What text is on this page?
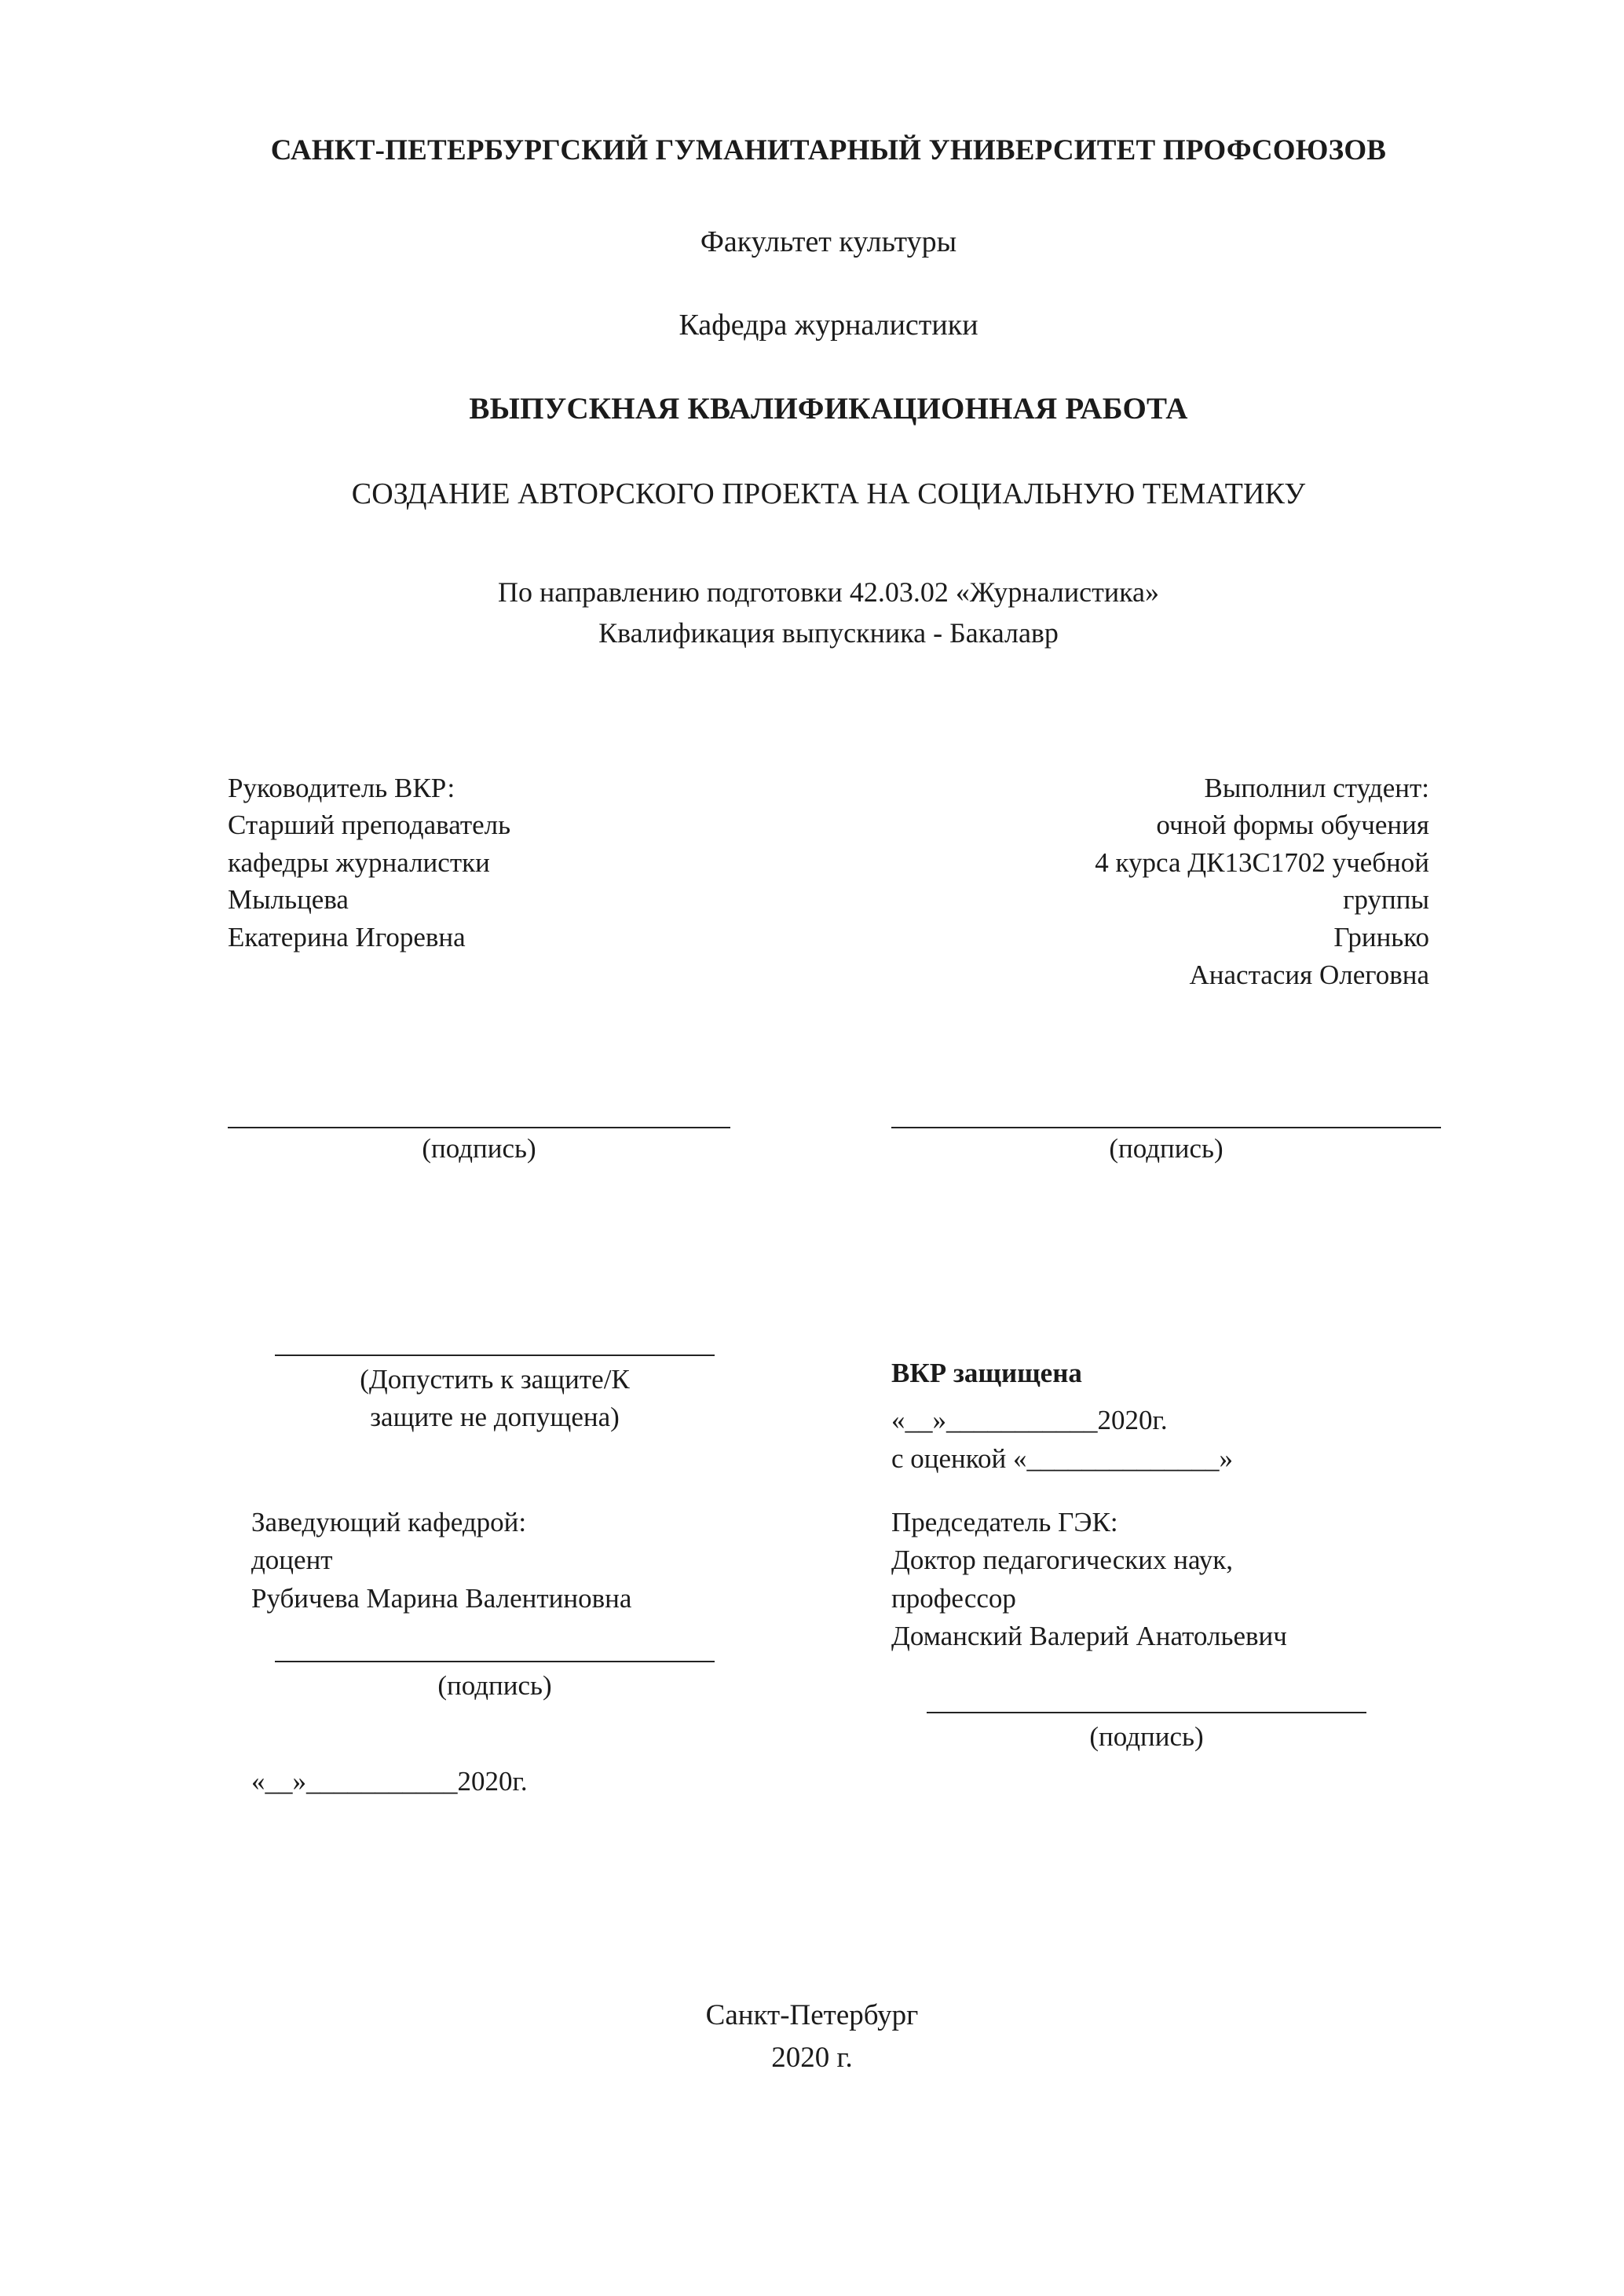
САНКТ-ПЕТЕРБУРГСКИЙ ГУМАНИТАРНЫЙ УНИВЕРСИТЕТ ПРОФСОЮЗОВ
Факультет культуры
Кафедра журналистики
ВЫПУСКНАЯ КВАЛИФИКАЦИОННАЯ РАБОТА
СОЗДАНИЕ АВТОРСКОГО ПРОЕКТА НА СОЦИАЛЬНУЮ ТЕМАТИКУ
По направлению подготовки 42.03.02 «Журналистика»
Квалификация выпускника - Бакалавр
Руководитель ВКР:
Старший преподаватель
кафедры журналистки
Мыльцева
Екатерина Игоревна
Выполнил студент:
очной формы обучения
4 курса ДК13С1702 учебной
группы
Гринько
Анастасия Олеговна
(подпись)	(подпись)
(Допустить к защите/К
защите не допущена)
Заведующий кафедрой:
доцент
Рубичева Марина Валентиновна
(подпись)
«__»___________2020г.
ВКР защищена
«__»___________2020г.
с оценкой «______________»
Председатель ГЭК:
Доктор педагогических наук,
профессор
Доманский Валерий Анатольевич
(подпись)
Санкт-Петербург
2020 г.
